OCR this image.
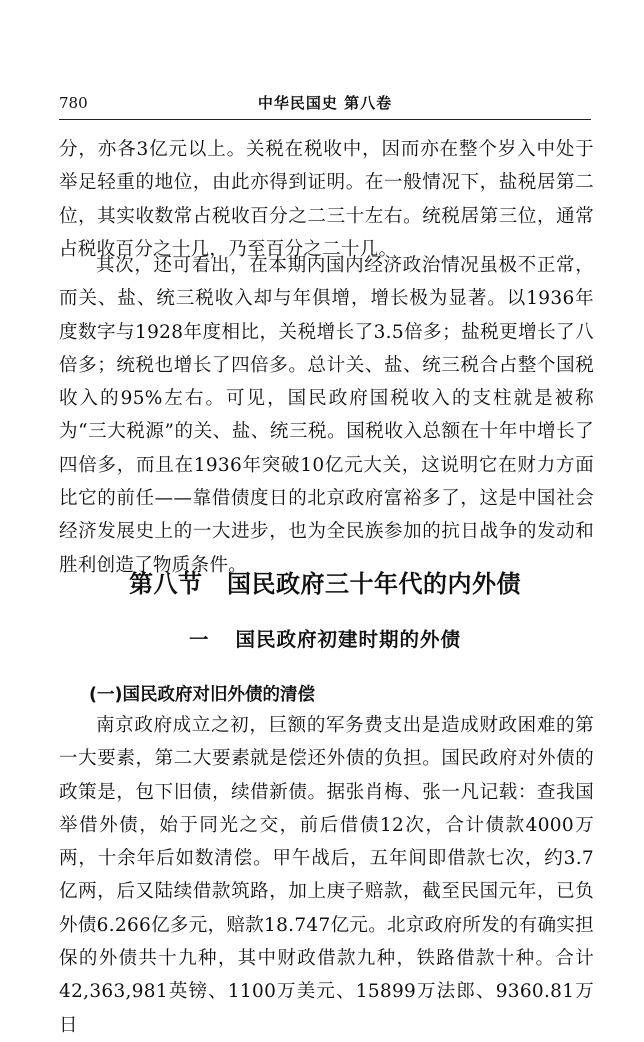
780	中华民国史 第八卷

分，亦各3亿元以上。关税在税收中，因而亦在整个岁入中处于举足轻重的地位，由此亦得到证明。在一般情况下，盐税居第二位，其实收数常占税收百分之二三十左右。统税居第三位，通常占税收百分之十几，乃至百分之二十几。

其次，还可看出，在本期内国内经济政治情况虽极不正常，而关、盐、统三税收入却与年俱增，增长极为显著。以1936年度数字与1928年度相比，关税增长了3.5倍多；盐税更增长了八倍多；统税也增长了四倍多。总计关、盐、统三税合占整个国税收入的95%左右。可见，国民政府国税收入的支柱就是被称为“三大税源”的关、盐、统三税。国税收入总额在十年中增长了四倍多，而且在1936年突破10亿元大关，这说明它在财力方面比它的前任——靠借债度日的北京政府富裕多了，这是中国社会经济发展史上的一大进步，也为全民族参加的抗日战争的发动和胜利创造了物质条件。

第八节　国民政府三十年代的内外债
一 国民政府初建时期的外债
(一)国民政府对旧外债的清偿

南京政府成立之初，巨额的军务费支出是造成财政困难的第一大要素，第二大要素就是偿还外债的负担。国民政府对外债的政策是，包下旧债，续借新债。据张肖梅、张一凡记载：查我国举借外债，始于同光之交，前后借债12次，合计债款4000万两，十余年后如数清偿。甲午战后，五年间即借款七次，约3.7亿两，后又陆续借款筑路，加上庚子赔款，截至民国元年，已负外债6.266亿多元，赔款18.747亿元。北京政府所发的有确实担保的外债共十九种，其中财政借款九种，铁路借款十种。合计42,363,981英镑、1100万美元、15899万法郎、9360.81万日
